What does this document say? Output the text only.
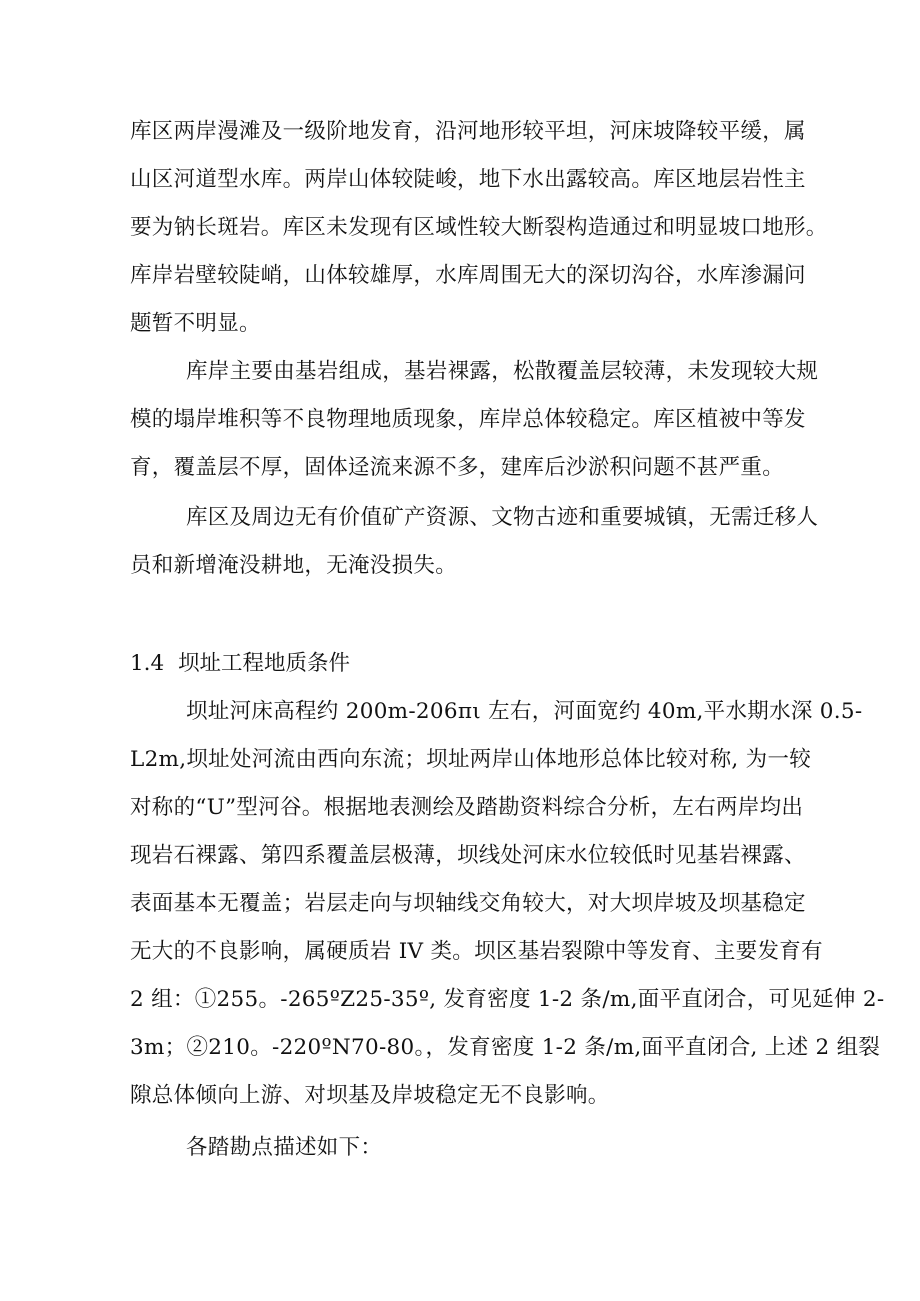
库区两岸漫滩及一级阶地发育，沿河地形较平坦，河床坡降较平缓，属
山区河道型水库。两岸山体较陡峻，地下水出露较高。库区地层岩性主
要为钠长斑岩。库区未发现有区域性较大断裂构造通过和明显坡口地形。
库岸岩壁较陡峭，山体较雄厚，水库周围无大的深切沟谷，水库渗漏问
题暂不明显。

库岸主要由基岩组成，基岩裸露，松散覆盖层较薄，未发现较大规
模的塌岸堆积等不良物理地质现象，库岸总体较稳定。库区植被中等发
育，覆盖层不厚，固体迳流来源不多，建库后沙淤积问题不甚严重。

库区及周边无有价值矿产资源、文物古迹和重要城镇，无需迁移人
员和新增淹没耕地，无淹没损失。

1.4 坝址工程地质条件

坝址河床高程约 200m-206πι 左右，河面宽约 40m,平水期水深 0.5-
L2m,坝址处河流由西向东流；坝址两岸山体地形总体比较对称, 为一较
对称的“U”型河谷。根据地表测绘及踏勘资料综合分析，左右两岸均出
现岩石裸露、第四系覆盖层极薄，坝线处河床水位较低时见基岩裸露、
表面基本无覆盖；岩层走向与坝轴线交角较大，对大坝岸坡及坝基稳定
无大的不良影响，属硬质岩 IV 类。坝区基岩裂隙中等发育、主要发育有
2 组：①255。-265ºZ25-35º, 发育密度 1-2 条/m,面平直闭合，可见延伸 2-
3m；②210。-220ºN70-80。，发育密度 1-2 条∕m,面平直闭合, 上述 2 组裂
隙总体倾向上游、对坝基及岸坡稳定无不良影响。

各踏勘点描述如下：
